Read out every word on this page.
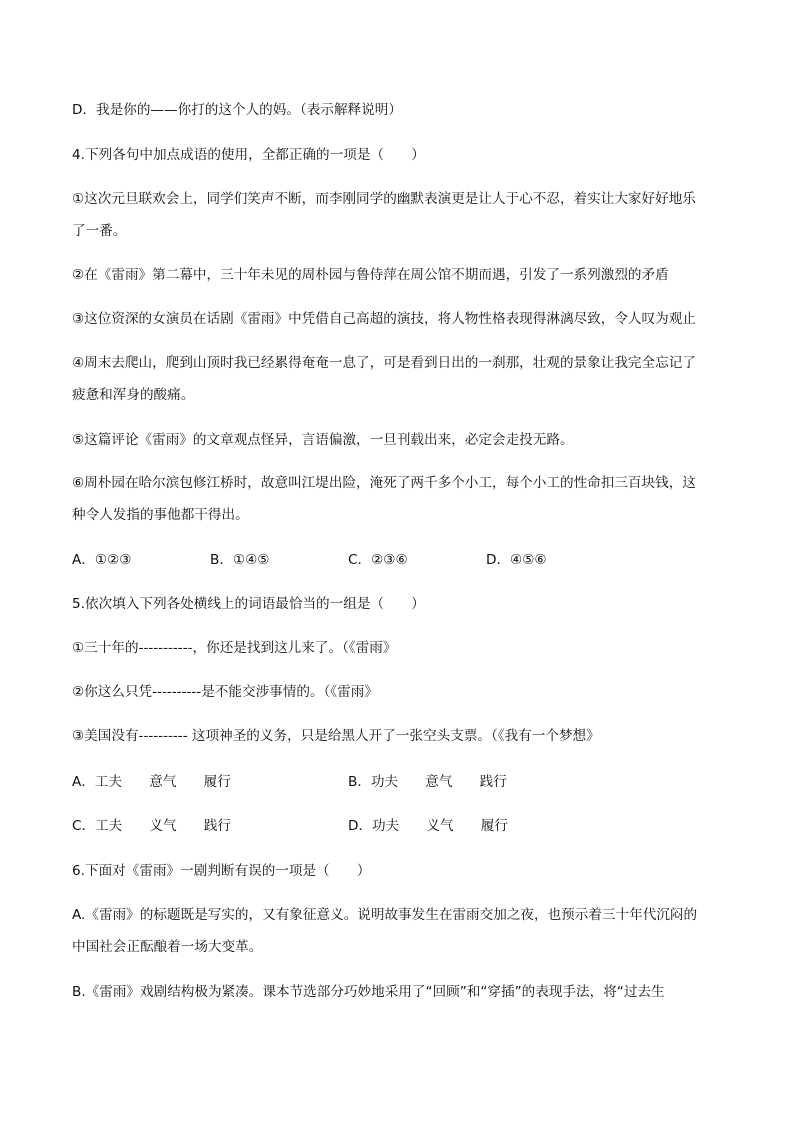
D．我是你的——你打的这个人的妈。（表示解释说明）
4.下列各句中加点成语的使用，全都正确的一项是（　　）
①这次元旦联欢会上，同学们笑声不断，而李刚同学的幽默表演更是让人于心不忍，着实让大家好好地乐
了一番。
②在《雷雨》第二幕中，三十年未见的周朴园与鲁侍萍在周公馆不期而遇，引发了一系列激烈的矛盾
③这位资深的女演员在话剧《雷雨》中凭借自己高超的演技，将人物性格表现得淋漓尽致，令人叹为观止
④周末去爬山，爬到山顶时我已经累得奄奄一息了，可是看到日出的一刹那，壮观的景象让我完全忘记了
疲惫和浑身的酸痛。
⑤这篇评论《雷雨》的文章观点怪异，言语偏激，一旦刊载出来，必定会走投无路。
⑥周朴园在哈尔滨包修江桥时，故意叫江堤出险，淹死了两千多个小工，每个小工的性命扣三百块钱，这
种令人发指的事他都干得出。
A．①②③	B．①④⑤	C．②③⑥	D．④⑤⑥
5.依次填入下列各处横线上的词语最恰当的一组是（　　）
①三十年的-----------，你还是找到这儿来了。（《雷雨》
②你这么只凭----------是不能交涉事情的。（《雷雨》
③美国没有---------- 这项神圣的义务，只是给黑人开了一张空头支票。（《我有一个梦想》
A．工夫　　意气　　履行	B．功夫　　意气　　践行
C．工夫　　义气　　践行	D．功夫　　义气　　履行
6.下面对《雷雨》一剧判断有误的一项是（　　）
A.《雷雨》的标题既是写实的，又有象征意义。说明故事发生在雷雨交加之夜，也预示着三十年代沉闷的
中国社会正酝酿着一场大变革。
B.《雷雨》戏剧结构极为紧凑。课本节选部分巧妙地采用了“回顾”和“穿插”的表现手法，将“过去生
